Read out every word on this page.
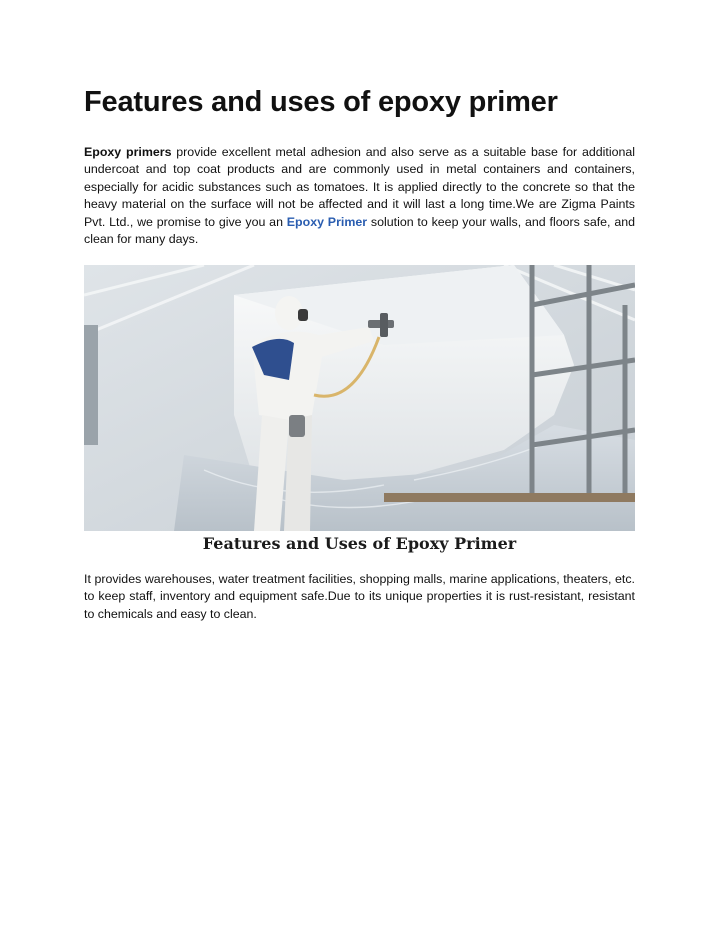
Features and uses of epoxy primer

Epoxy primers provide excellent metal adhesion and also serve as a suitable base for additional undercoat and top coat products and are commonly used in metal containers and containers, especially for acidic substances such as tomatoes. It is applied directly to the concrete so that the heavy material on the surface will not be affected and it will last a long time.We are Zigma Paints Pvt. Ltd., we promise to give you an Epoxy Primer solution to keep your walls, and floors safe, and clean for many days.

Features and Uses of Epoxy Primer

It provides warehouses, water treatment facilities, shopping malls, marine applications, theaters, etc. to keep staff, inventory and equipment safe.Due to its unique properties it is rust-resistant, resistant to chemicals and easy to clean.
